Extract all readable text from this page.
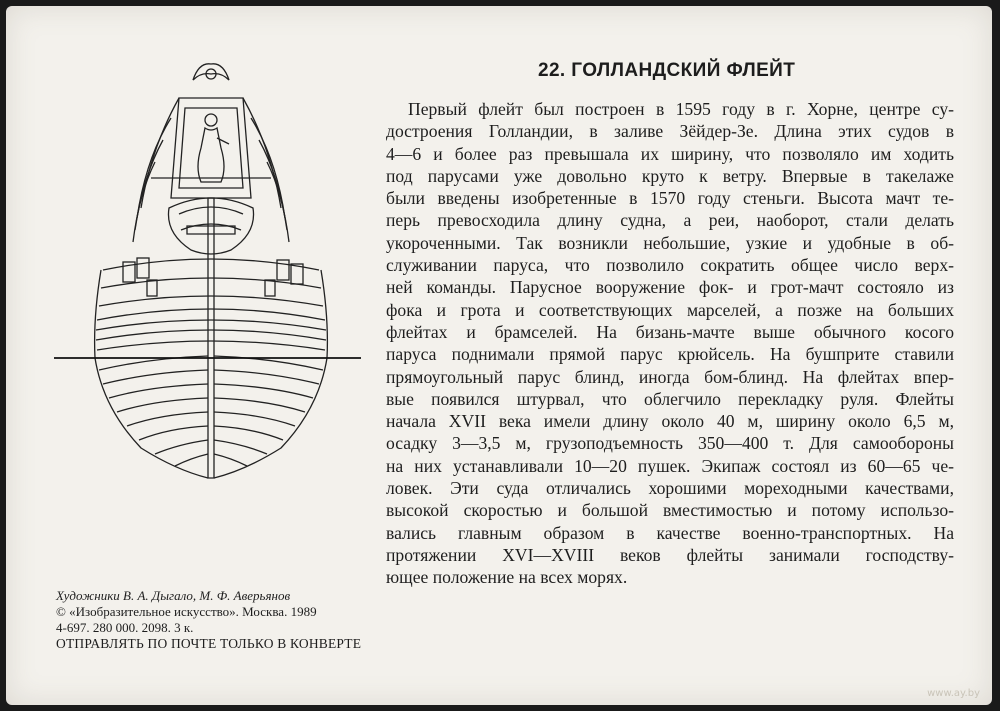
22. ГОЛЛАНДСКИЙ ФЛЕЙТ
Первый флейт был построен в 1595 году в г. Хорне, центре су-
достроения Голландии, в заливе Зёйдер-Зе. Длина этих судов в
4—6 и более раз превышала их ширину, что позволяло им ходить
под парусами уже довольно круто к ветру. Впервые в такелаже
были введены изобретенные в 1570 году стеньги. Высота мачт те-
перь превосходила длину судна, а реи, наоборот, стали делать
укороченными. Так возникли небольшие, узкие и удобные в об-
служивании паруса, что позволило сократить общее число верх-
ней команды. Парусное вооружение фок- и грот-мачт состояло из
фока и грота и соответствующих марселей, а позже на больших
флейтах и брамселей. На бизань-мачте выше обычного косого
паруса поднимали прямой парус крюйсель. На бушприте ставили
прямоугольный парус блинд, иногда бом-блинд. На флейтах впер-
вые появился штурвал, что облегчило перекладку руля. Флейты
начала XVII века имели длину около 40 м, ширину около 6,5 м,
осадку 3—3,5 м, грузоподъемность 350—400 т. Для самообороны
на них устанавливали 10—20 пушек. Экипаж состоял из 60—65 че-
ловек. Эти суда отличались хорошими мореходными качествами,
высокой скоростью и большой вместимостью и потому использо-
вались главным образом в качестве военно-транспортных. На
протяжении XVI—XVIII веков флейты занимали господству-
ющее положение на всех морях.
Художники В. А. Дыгало, М. Ф. Аверьянов
© «Изобразительное искусство». Москва. 1989
4-697. 280 000. 2098. 3 к.
ОТПРАВЛЯТЬ ПО ПОЧТЕ ТОЛЬКО В КОНВЕРТЕ
www.ay.by
